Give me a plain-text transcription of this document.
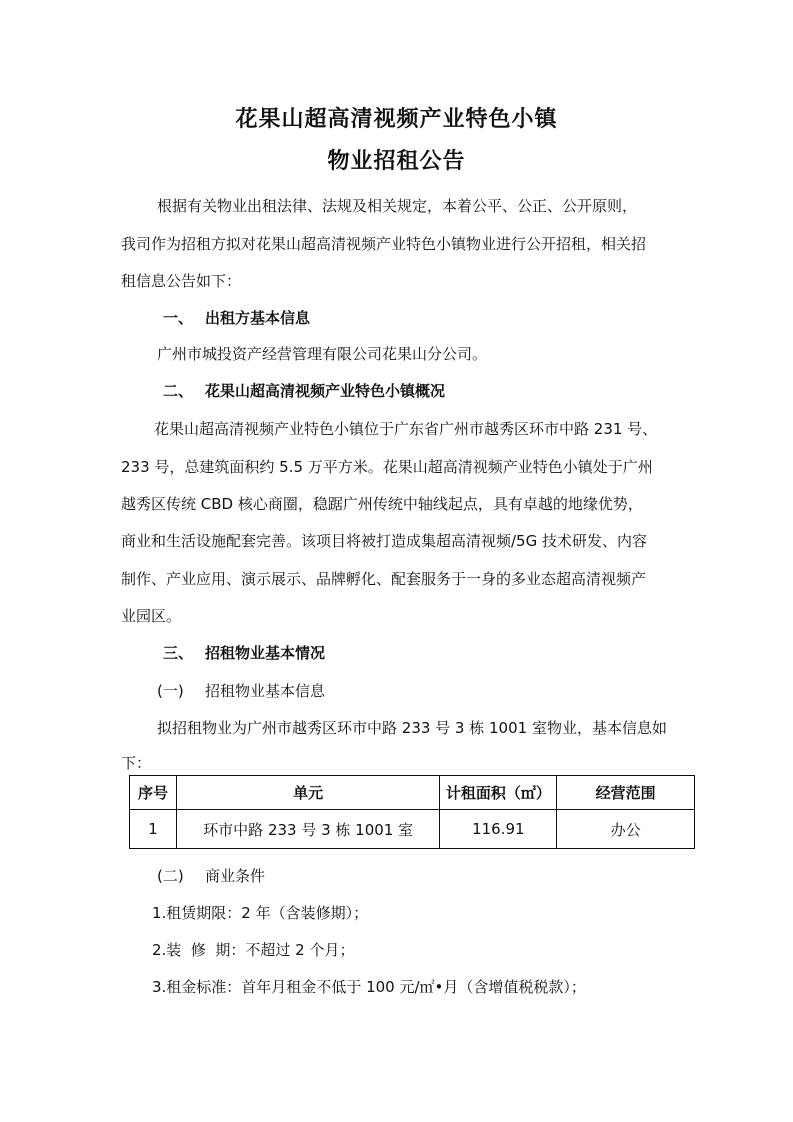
花果山超高清视频产业特色小镇
物业招租公告
根据有关物业出租法律、法规及相关规定，本着公平、公正、公开原则，
我司作为招租方拟对花果山超高清视频产业特色小镇物业进行公开招租，相关招
租信息公告如下：
一、 出租方基本信息
广州市城投资产经营管理有限公司花果山分公司。
二、 花果山超高清视频产业特色小镇概况
花果山超高清视频产业特色小镇位于广东省广州市越秀区环市中路 231 号、
233 号，总建筑面积约 5.5 万平方米。花果山超高清视频产业特色小镇处于广州
越秀区传统 CBD 核心商圈，稳踞广州传统中轴线起点，具有卓越的地缘优势，
商业和生活设施配套完善。该项目将被打造成集超高清视频/5G 技术研发、内容
制作、产业应用、演示展示、品牌孵化、配套服务于一身的多业态超高清视频产
业园区。
三、 招租物业基本情况
(一) 招租物业基本信息
拟招租物业为广州市越秀区环市中路 233 号 3 栋 1001 室物业，基本信息如
下：
序号	单元	计租面积（㎡）	经营范围
1	环市中路 233 号 3 栋 1001 室	116.91	办公
(二) 商业条件
1.租赁期限：2 年（含装修期）；
2.装  修  期：不超过 2 个月；
3.租金标准：首年月租金不低于 100 元/㎡•月（含增值税税款）；
